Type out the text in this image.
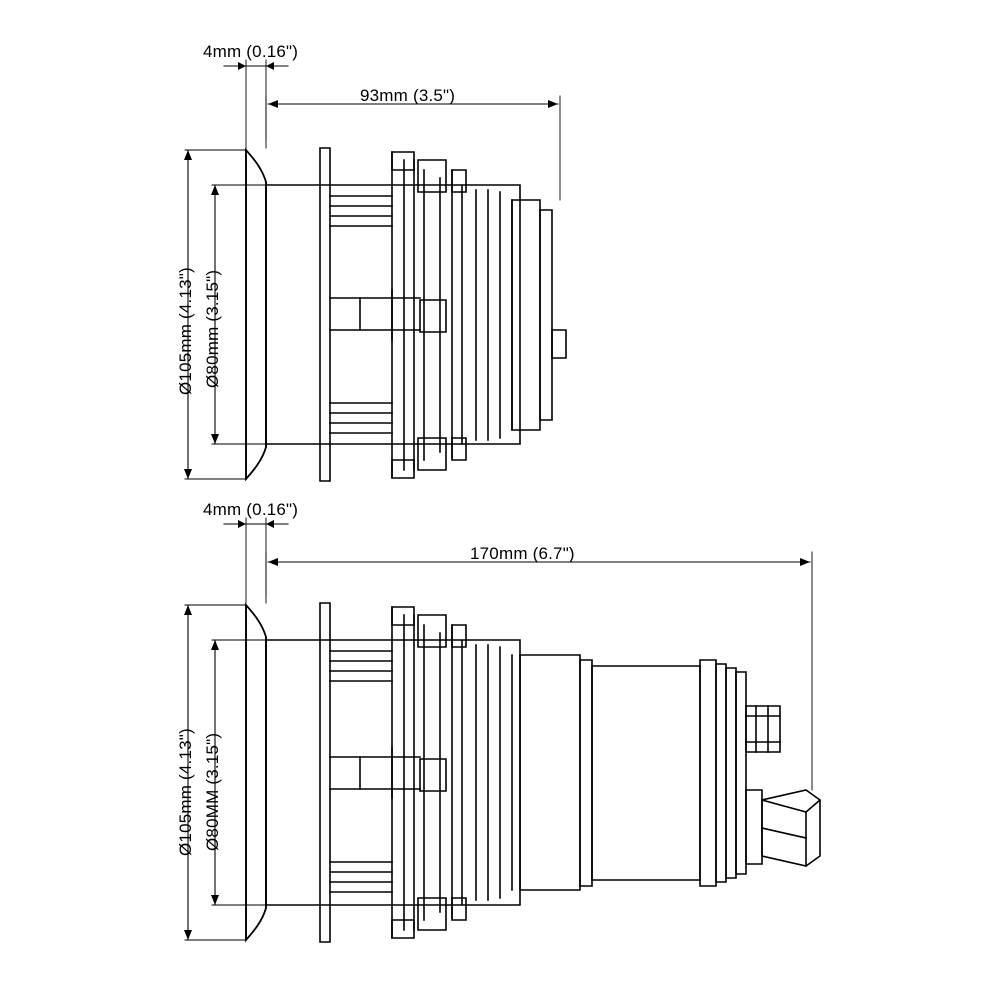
4mm (0.16")
93mm (3.5")
Ø105mm (4.13") Ø80mm (3.15")
4mm (0.16")
170mm (6.7")
Ø105mm (4.13") Ø80MM (3.15")
